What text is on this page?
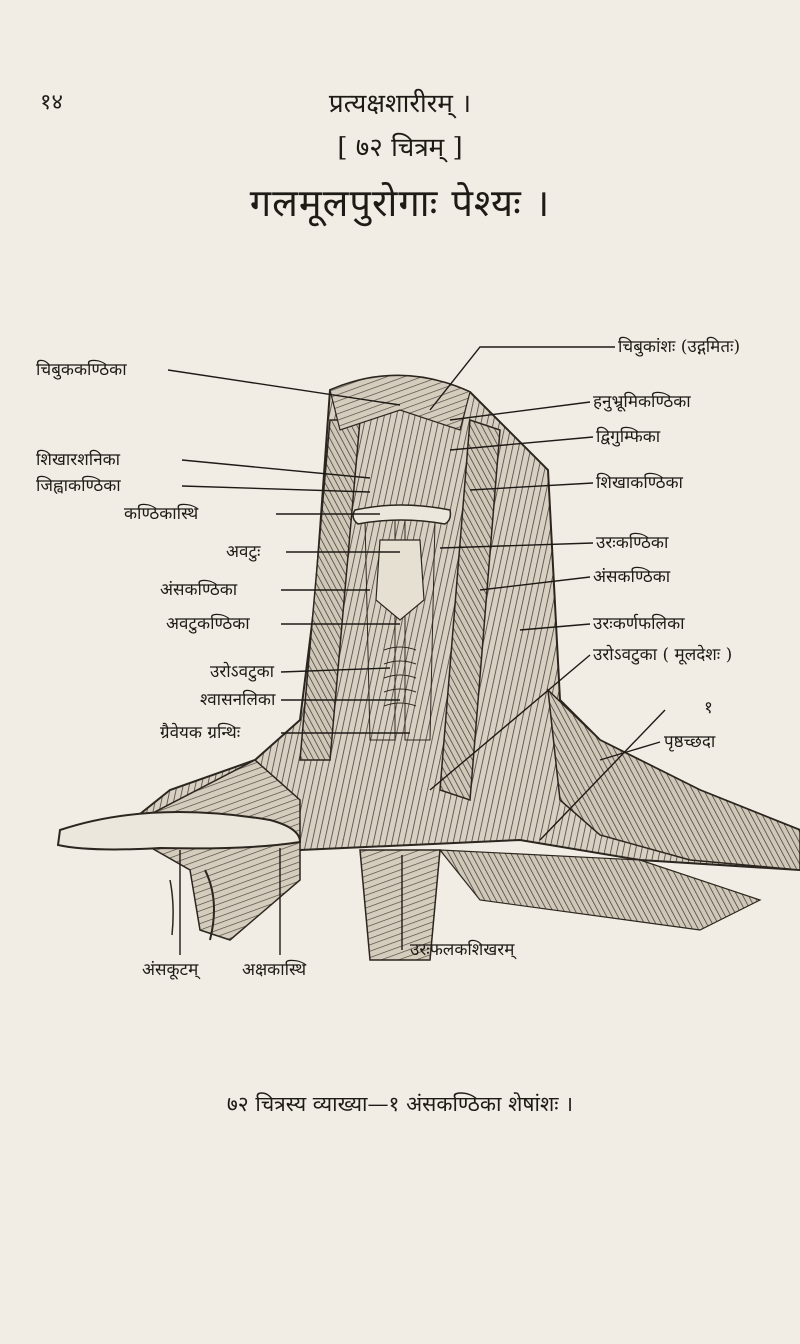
१४	प्रत्यक्षशारीरम् ।
[ ७२ चित्रम् ]
गलमूलपुरोगाः पेश्यः ।
चिबुककण्ठिका
शिखारशनिका
जिह्वाकण्ठिका
कण्ठिकास्थि
अवटुः
अंसकण्ठिका
अवटुकण्ठिका
उरोऽवटुका
श्वासनलिका
ग्रैवेयक ग्रन्थिः
चिबुकांशः (उद्गमितः)
हनुभ्रूमिकण्ठिका
द्विगुम्फिका
शिखाकण्ठिका
उरःकण्ठिका
अंसकण्ठिका
उरःकर्णफलिका
उरोऽवटुका ( मूलदेशः )
१
पृष्ठच्छदा
उरःफलकशिखरम्
अंसकूटम्	अक्षकास्थि
७२ चित्रस्य व्याख्या—१ अंसकण्ठिका शेषांशः ।
